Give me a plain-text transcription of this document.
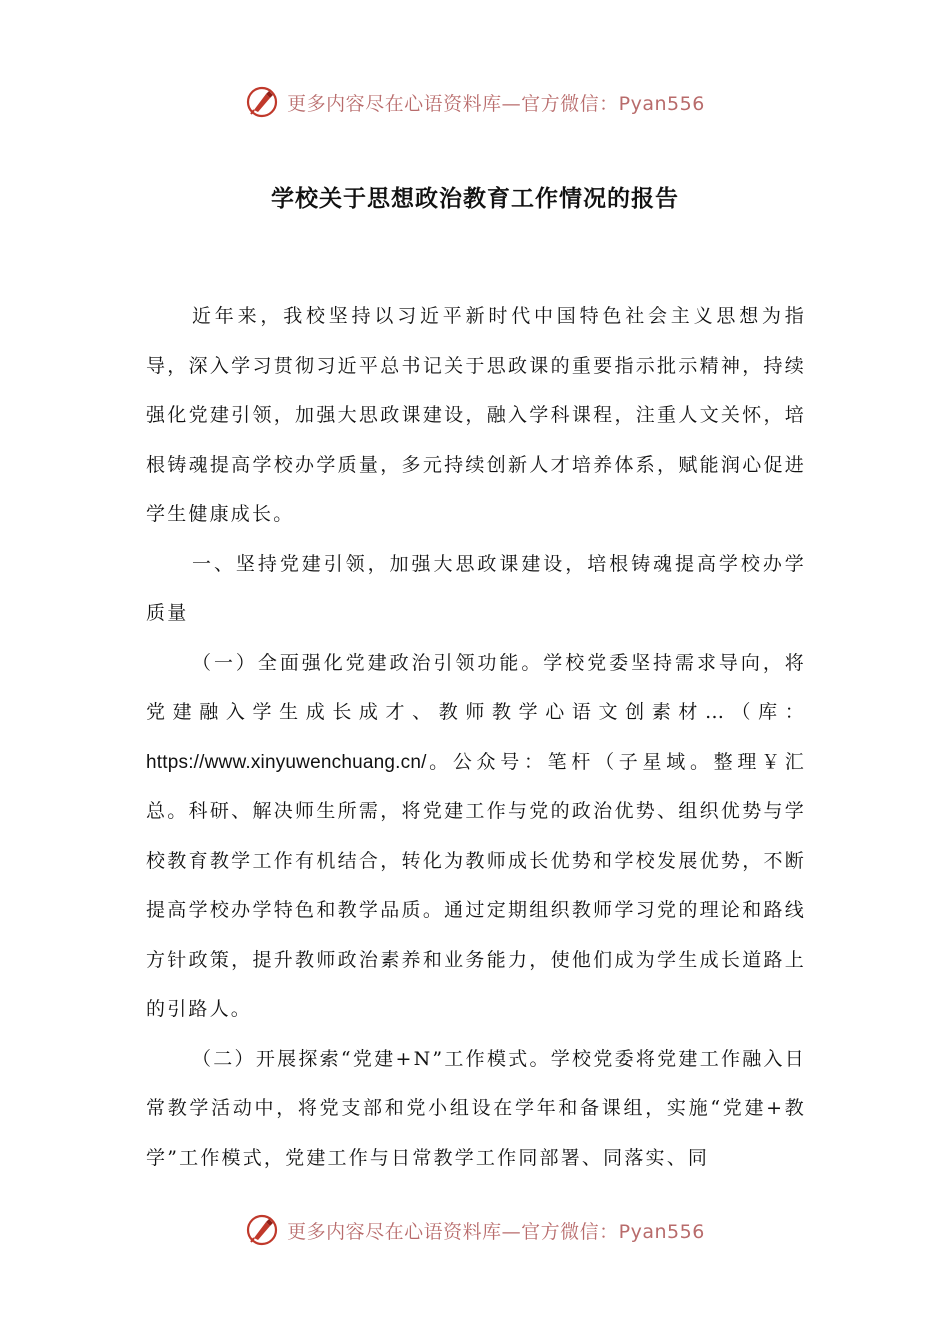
更多内容尽在心语资料库—官方微信：Pyan556
学校关于思想政治教育工作情况的报告

近年来，我校坚持以习近平新时代中国特色社会主义思想为指导，深入学习贯彻习近平总书记关于思政课的重要指示批示精神，持续强化党建引领，加强大思政课建设，融入学科课程，注重人文关怀，培根铸魂提高学校办学质量，多元持续创新人才培养体系，赋能润心促进学生健康成长。

一、坚持党建引领，加强大思政课建设，培根铸魂提高学校办学质量

（一）全面强化党建政治引领功能。学校党委坚持需求导向，将党建融入学生成长成才、教师教学心语文创素材…（库：https://www.xinyuwenchuang.cn/。公众号：笔杆（子星域。整理￥汇总。科研、解决师生所需，将党建工作与党的政治优势、组织优势与学校教育教学工作有机结合，转化为教师成长优势和学校发展优势，不断提高学校办学特色和教学品质。通过定期组织教师学习党的理论和路线方针政策，提升教师政治素养和业务能力，使他们成为学生成长道路上的引路人。

（二）开展探索“党建+N”工作模式。学校党委将党建工作融入日常教学活动中，将党支部和党小组设在学年和备课组，实施“党建+教学”工作模式，党建工作与日常教学工作同部署、同落实、同

更多内容尽在心语资料库—官方微信：Pyan556
